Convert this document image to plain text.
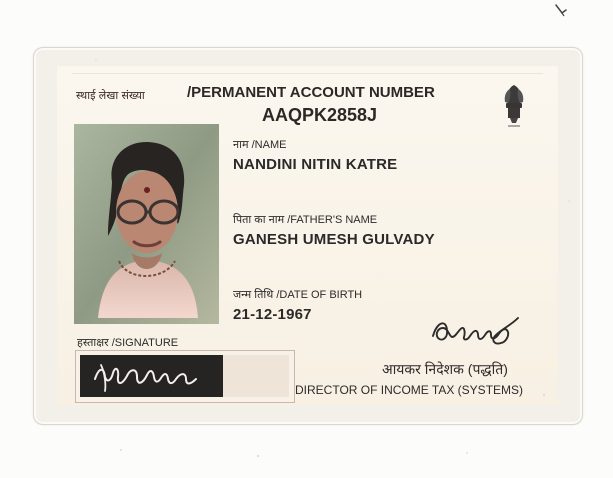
स्थाई लेखा संख्या	/PERMANENT ACCOUNT NUMBER
AAQPK2858J
नाम /NAME
NANDINI NITIN KATRE
पिता का नाम /FATHER'S NAME
GANESH UMESH GULVADY
जन्म तिथि /DATE OF BIRTH
21-12-1967
हस्ताक्षर /SIGNATURE
आयकर निदेशक (पद्धति)
DIRECTOR OF INCOME TAX (SYSTEMS)
